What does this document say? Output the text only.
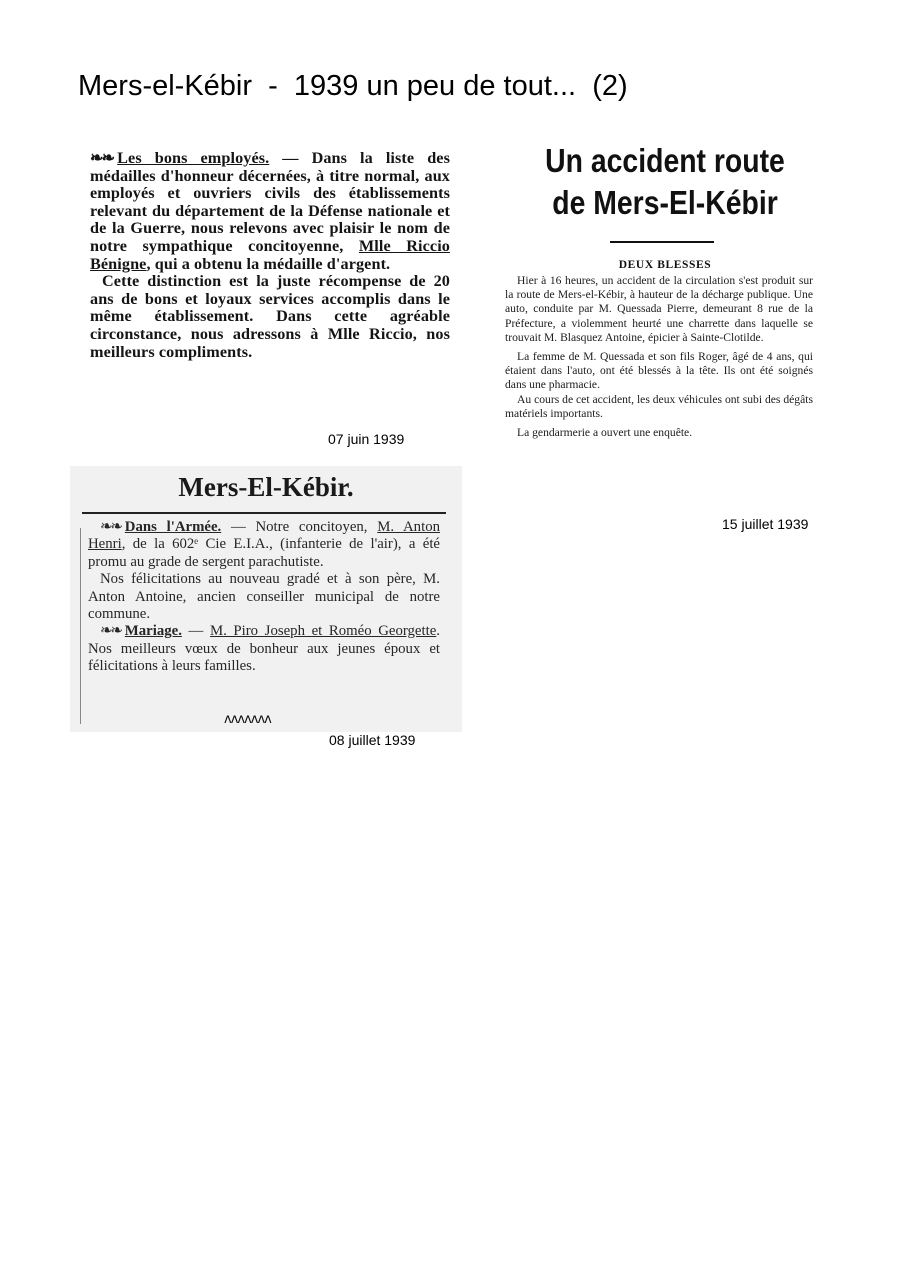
Mers-el-Kébir  -  1939 un peu de tout...  (2)

❧❧ Les bons employés. — Dans la liste des médailles d'honneur décernées, à titre normal, aux employés et ouvriers civils des établissements relevant du département de la Défense nationale et de la Guerre, nous relevons avec plaisir le nom de notre sympathique concitoyenne, Mlle Riccio Bénigne, qui a obtenu la médaille d'argent.

Cette distinction est la juste récompense de 20 ans de bons et loyaux services accomplis dans le même établissement. Dans cette agréable circonstance, nous adressons à Mlle Riccio, nos meilleurs compliments.

07 juin 1939
Mers-El-Kébir.

❧❧ Dans l'Armée. — Notre concitoyen, M. Anton Henri, de la 602ᵉ Cie E.I.A., (infanterie de l'air), a été promu au grade de sergent parachutiste.

Nos félicitations au nouveau gradé et à son père, M. Anton Antoine, ancien conseiller municipal de notre commune.

❧❧ Mariage. — M. Piro Joseph et Roméo Georgette. Nos meilleurs vœux de bonheur aux jeunes époux et félicitations à leurs familles.

ʌʌʌʌʌʌʌ
08 juillet 1939
Un accident route
de Mers-El-Kébir
DEUX BLESSES

Hier à 16 heures, un accident de la circulation s'est produit sur la route de Mers-el-Kébir, à hauteur de la décharge publique. Une auto, conduite par M. Quessada Pierre, demeurant 8 rue de la Préfecture, a violemment heurté une charrette dans laquelle se trouvait M. Blasquez Antoine, épicier à Sainte-Clotilde.

La femme de M. Quessada et son fils Roger, âgé de 4 ans, qui étaient dans l'auto, ont été blessés à la tête. Ils ont été soignés dans une pharmacie.

Au cours de cet accident, les deux véhicules ont subi des dégâts matériels importants.

La gendarmerie a ouvert une enquête.

15 juillet 1939
